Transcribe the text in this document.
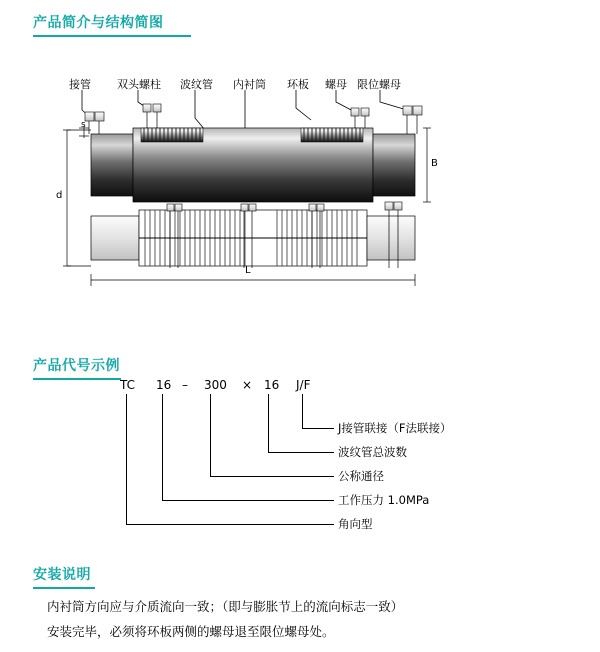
产品简介与结构简图
接管 双头螺柱 波纹管 内衬筒 环板 螺母 限位螺母
s
d
B
L
产品代号示例
TC 16 – 300 × 16 J/F
J接管联接（F法联接）
波纹管总波数
公称通径
工作压力 1.0MPa
角向型
安装说明

内衬筒方向应与介质流向一致；（即与膨胀节上的流向标志一致）

安装完毕，必须将环板两侧的螺母退至限位螺母处。
